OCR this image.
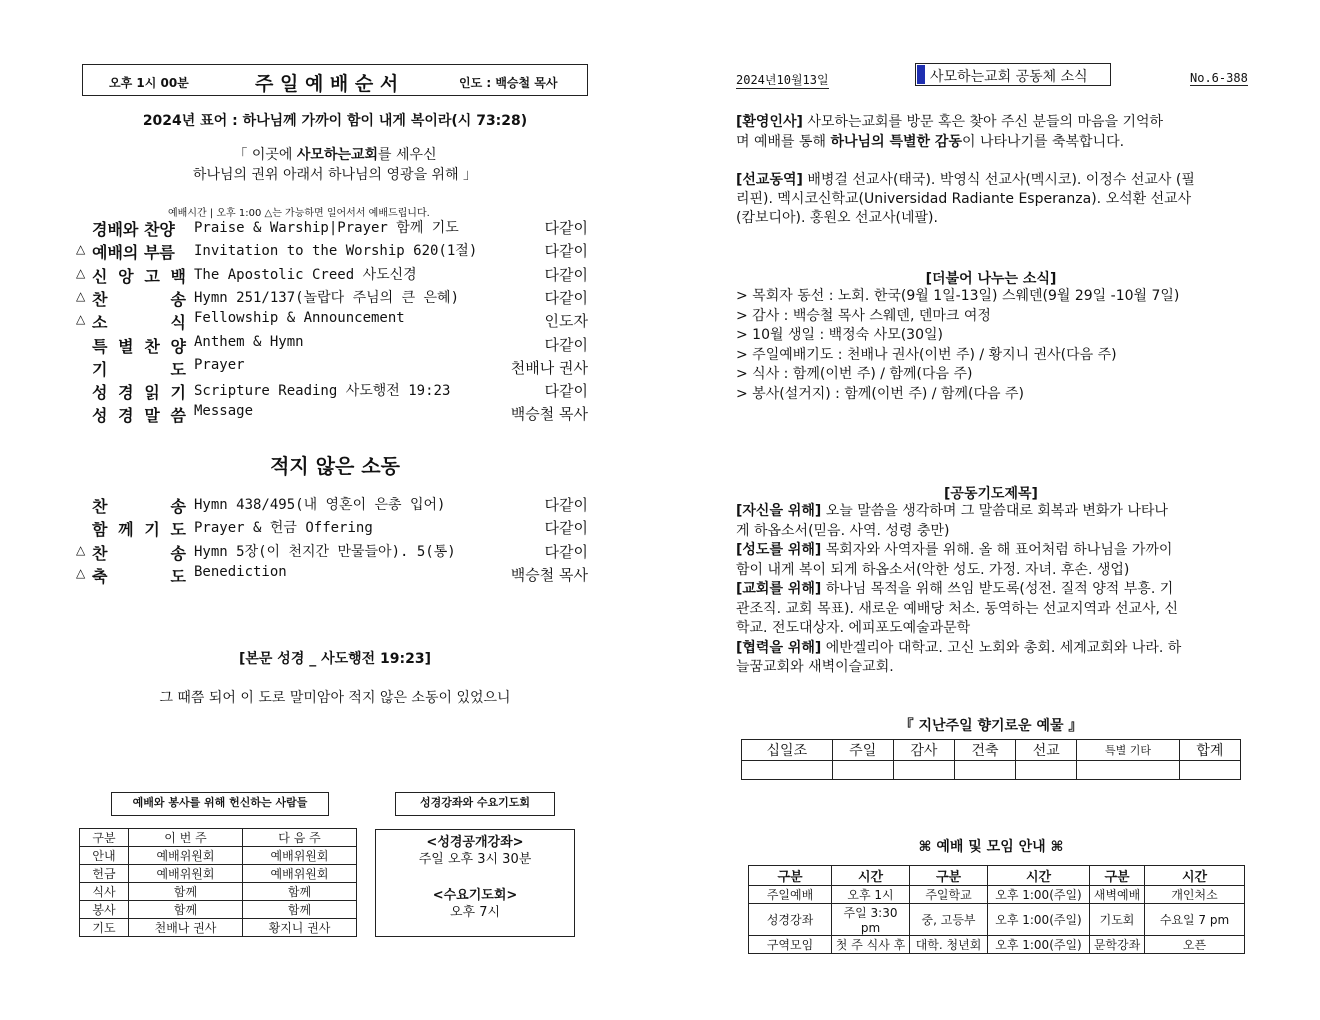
오후 1시 00분	주 일 예 배 순 서	인도 : 백승철 목사
2024년 표어 : 하나님께 가까이 함이 내게 복이라(시 73:28)
「 이곳에 사모하는교회를 세우신
하나님의 권위 아래서 하나님의 영광을 위해 」
예배시간 | 오후 1:00 △는 가능하면 일어서서 예배드립니다.
경배와 찬양 Praise & Warship|Prayer 함께 기도	다같이
△ 예배의 부름 Invitation to the Worship 620(1절)	다같이
△ 신 앙 고 백 The Apostolic Creed 사도신경	다같이
△ 찬	송 Hymn 251/137(놀랍다 주님의 큰 은혜)	다같이
△ 소	식 Fellowship & Announcement	인도자
특 별 찬 양 Anthem & Hymn	다같이
기	도 Prayer	천배나 권사
성 경 읽 기 Scripture Reading 사도행전 19:23	다같이
성 경 말 씀 Message	백승철 목사
적지 않은 소동
찬	송 Hymn 438/495(내 영혼이 은총 입어)	다같이
함 께 기 도 Prayer & 헌금 Offering	다같이
△ 찬	송 Hymn 5장(이 천지간 만물들아). 5(통)	다같이
△ 축	도 Benediction	백승철 목사
[본문 성경 _ 사도행전 19:23]
그 때쯤 되어 이 도로 말미암아 적지 않은 소동이 있었으니
예배와 봉사를 위해 헌신하는 사람들
구분	이 번 주	다 음 주
안내	예배위원회	예배위원회
헌금	예배위원회	예배위원회
식사	함께	함께
봉사	함께	함께
기도	천배나 권사	황지니 권사
성경강좌와 수요기도회
<성경공개강좌>
주일 오후 3시 30분
<수요기도회>
오후 7시
2024년10월13일	사모하는교회 공동체 소식	No.6-388

[환영인사] 사모하는교회를 방문 혹은 찾아 주신 분들의 마음을 기억하

며 예배를 통해 하나님의 특별한 감동이 나타나기를 축복합니다.

[선교동역] 배병걸 선교사(태국). 박영식 선교사(멕시코). 이정수 선교사 (필

리핀). 멕시코신학교(Universidad Radiante Esperanza). 오석환 선교사

(캄보디아). 홍원오 선교사(네팔).

[더불어 나누는 소식]
> 목회자 동선 : 노회. 한국(9월 1일-13일) 스웨덴(9월 29일 -10월 7일)
> 감사 : 백승철 목사 스웨덴, 덴마크 여정
> 10월 생일 : 백정숙 사모(30일)
> 주일예배기도 : 천배나 권사(이번 주) / 황지니 권사(다음 주)
> 식사 : 함께(이번 주) / 함께(다음 주)
> 봉사(설거지) : 함께(이번 주) / 함께(다음 주)
[공동기도제목]

[자신을 위해] 오늘 말씀을 생각하며 그 말씀대로 회복과 변화가 나타나

게 하옵소서(믿음. 사역. 성령 충만)

[성도를 위해] 목회자와 사역자를 위해. 올 해 표어처럼 하나님을 가까이

함이 내게 복이 되게 하옵소서(악한 성도. 가정. 자녀. 후손. 생업)

[교회를 위해] 하나님 목적을 위해 쓰임 받도록(성전. 질적 양적 부흥. 기

관조직. 교회 목표). 새로운 예배당 처소. 동역하는 선교지역과 선교사, 신

학교. 전도대상자. 에피포도예술과문학

[협력을 위해] 에반겔리아 대학교. 고신 노회와 총회. 세계교회와 나라. 하

늘꿈교회와 새벽이슬교회.

『 지난주일 향기로운 예물 』
십일조	주일	감사	건축	선교	특별 기타	합계

⌘ 예배 및 모임 안내 ⌘
구분	시간	구분	시간	구분	시간
주일예배	오후 1시	주일학교	오후 1:00(주일)	새벽예배	개인처소
성경강좌	주일 3:30 pm	중, 고등부	오후 1:00(주일)	기도회	수요일 7 pm
구역모임	첫 주 식사 후	대학. 청년회	오후 1:00(주일)	문학강좌	오픈
